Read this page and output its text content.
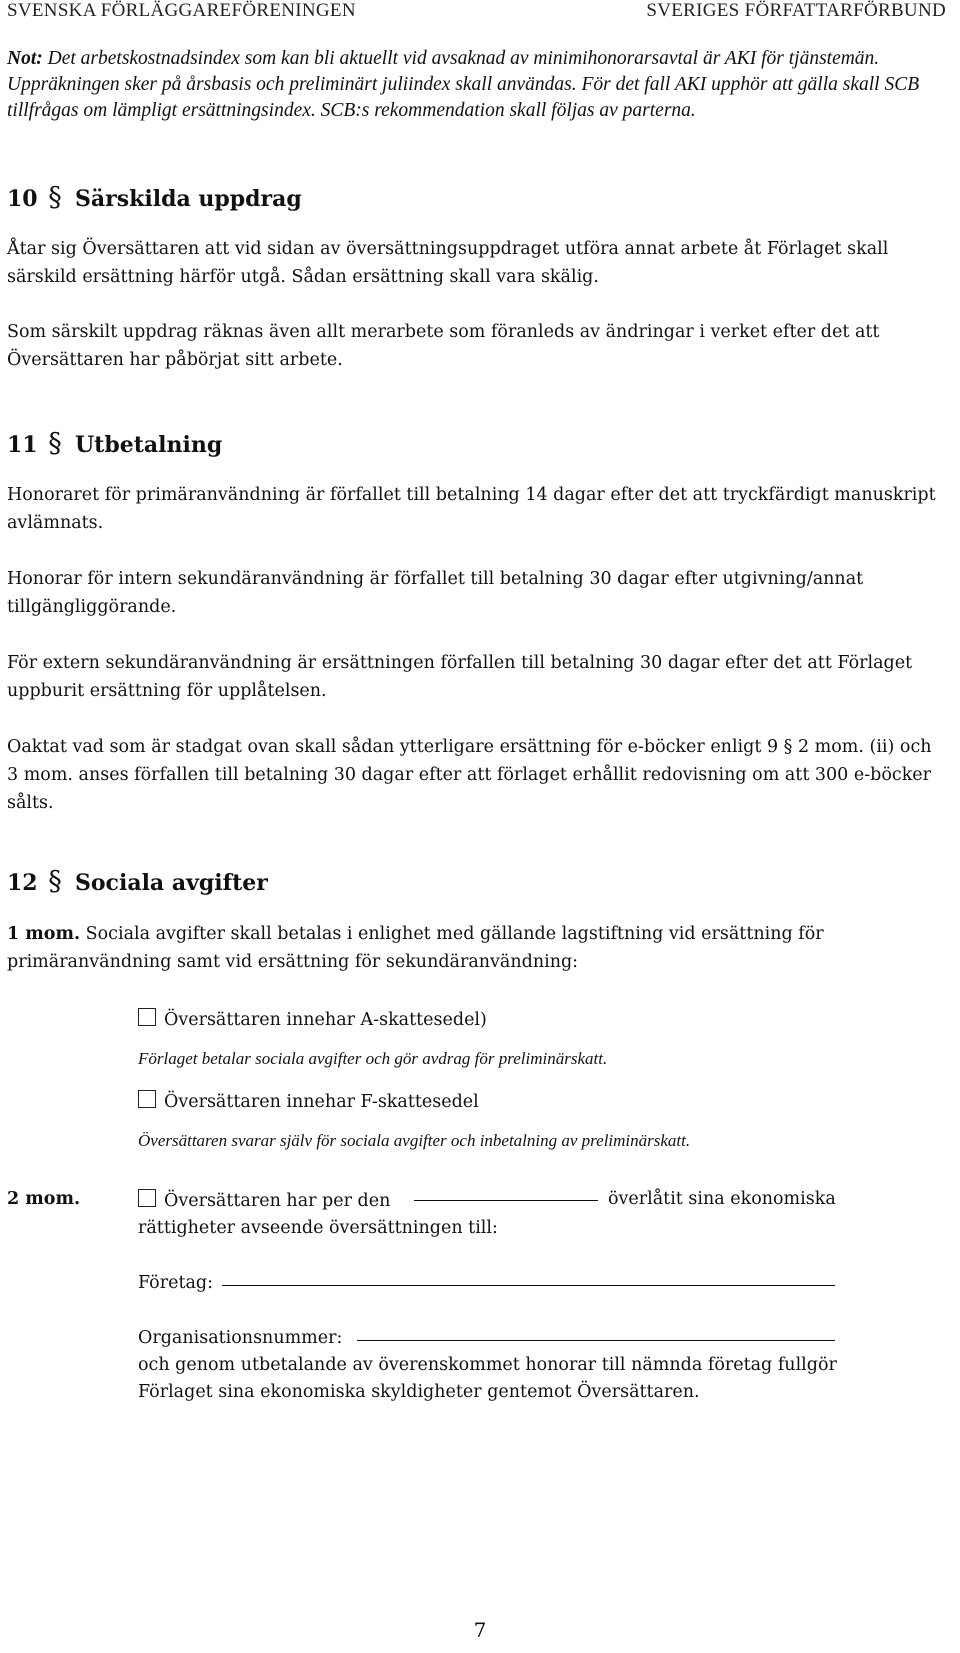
SVENSKA FÖRLÄGGAREFÖRENINGEN	SVERIGES FÖRFATTARFÖRBUND
Not: Det arbetskostnadsindex som kan bli aktuellt vid avsaknad av minimihonorarsavtal är AKI för tjänstemän. Uppräkningen sker på årsbasis och preliminärt juliindex skall användas. För det fall AKI upphör att gälla skall SCB tillfrågas om lämpligt ersättningsindex. SCB:s rekommendation skall följas av parterna.
10 § Särskilda uppdrag
Åtar sig Översättaren att vid sidan av översättningsuppdraget utföra annat arbete åt Förlaget skall särskild ersättning härför utgå. Sådan ersättning skall vara skälig.
Som särskilt uppdrag räknas även allt merarbete som föranleds av ändringar i verket efter det att Översättaren har påbörjat sitt arbete.
11 § Utbetalning
Honoraret för primäranvändning är förfallet till betalning 14 dagar efter det att tryckfärdigt manuskript avlämnats.
Honorar för intern sekundäranvändning är förfallet till betalning 30 dagar efter utgivning/annat tillgängliggörande.
För extern sekundäranvändning är ersättningen förfallen till betalning 30 dagar efter det att Förlaget uppburit ersättning för upplåtelsen.
Oaktat vad som är stadgat ovan skall sådan ytterligare ersättning för e-böcker enligt 9 § 2 mom. (ii) och 3 mom. anses förfallen till betalning 30 dagar efter att förlaget erhållit redovisning om att 300 e-böcker sålts.
12 § Sociala avgifter
1 mom. Sociala avgifter skall betalas i enlighet med gällande lagstiftning vid ersättning för primäranvändning samt vid ersättning för sekundäranvändning:
Översättaren innehar A-skattesedel)
Förlaget betalar sociala avgifter och gör avdrag för preliminärskatt.
Översättaren innehar F-skattesedel
Översättaren svarar själv för sociala avgifter och inbetalning av preliminärskatt.
2 mom.	Översättaren har per den	överlåtit sina ekonomiska
rättigheter avseende översättningen till:
Företag:
Organisationsnummer:
och genom utbetalande av överenskommet honorar till nämnda företag fullgör
Förlaget sina ekonomiska skyldigheter gentemot Översättaren.
7
